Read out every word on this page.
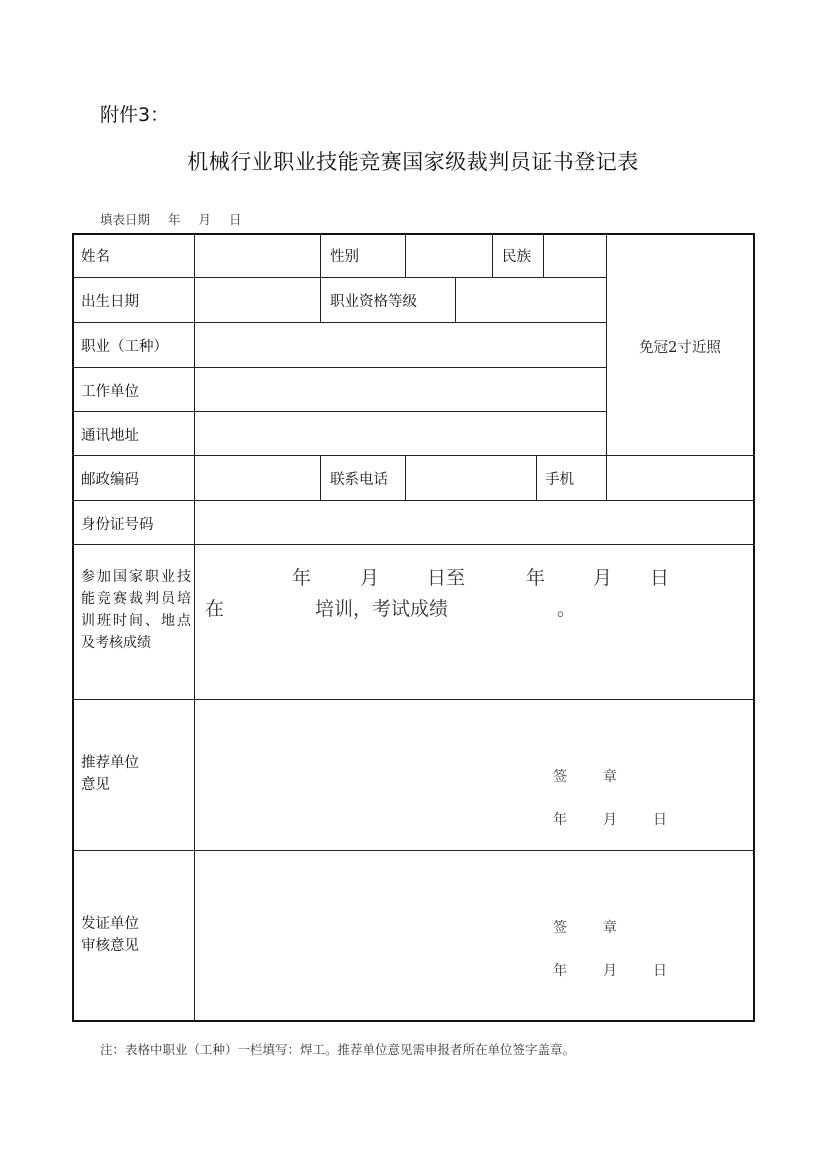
附件3：
机械行业职业技能竞赛国家级裁判员证书登记表
填表日期 年 月 日
姓名	性别	民族
出生日期	职业资格等级
职业（工种）
工作单位
通讯地址
免冠2寸近照
邮政编码	联系电话	手机
身份证号码
参加国家职业技能竞赛裁判员培训班时间、地点及考核成绩
年	月	日至	年	月 日
在	培训，考试成绩	。
推荐单位
意见	签	章
年	月	日
发证单位
审核意见
签	章
年	月	日
注：表格中职业（工种）一栏填写：焊工。推荐单位意见需申报者所在单位签字盖章。
